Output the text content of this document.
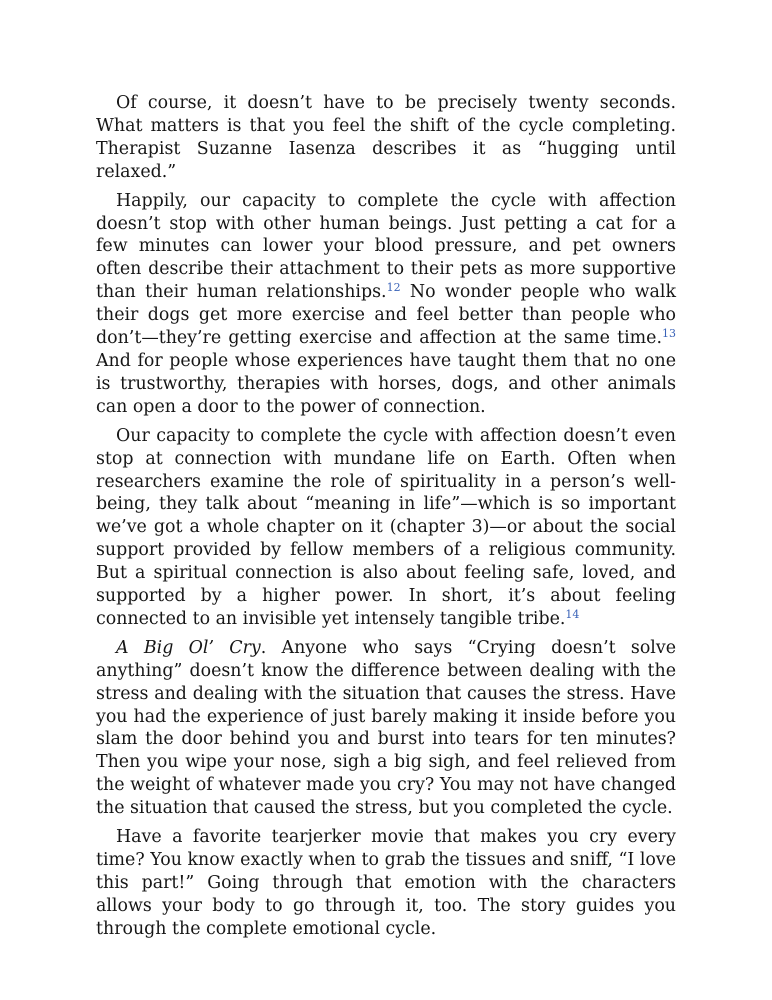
Of course, it doesn’t have to be precisely twenty seconds. What matters is that you feel the shift of the cycle completing. Therapist Suzanne Iasenza describes it as “hugging until relaxed.”

Happily, our capacity to complete the cycle with affection doesn’t stop with other human beings. Just petting a cat for a few minutes can lower your blood pressure, and pet owners often describe their attachment to their pets as more supportive than their human relationships.$^{12}$ No wonder people who walk their dogs get more exercise and feel better than people who don’t—they’re getting exercise and affection at the same time.$^{13}$ And for people whose experiences have taught them that no one is trustworthy, therapies with horses, dogs, and other animals can open a door to the power of connection.

Our capacity to complete the cycle with affection doesn’t even stop at connection with mundane life on Earth. Often when researchers examine the role of spirituality in a person’s well-being, they talk about “meaning in life”—which is so important we’ve got a whole chapter on it (chapter 3)—or about the social support provided by fellow members of a religious community. But a spiritual connection is also about feeling safe, loved, and supported by a higher power. In short, it’s about feeling connected to an invisible yet intensely tangible tribe.$^{14}$

A Big Ol’ Cry. Anyone who says “Crying doesn’t solve anything” doesn’t know the difference between dealing with the stress and dealing with the situation that causes the stress. Have you had the experience of just barely making it inside before you slam the door behind you and burst into tears for ten minutes? Then you wipe your nose, sigh a big sigh, and feel relieved from the weight of whatever made you cry? You may not have changed the situation that caused the stress, but you completed the cycle.

Have a favorite tearjerker movie that makes you cry every time? You know exactly when to grab the tissues and sniff, “I love this part!” Going through that emotion with the characters allows your body to go through it, too. The story guides you through the complete emotional cycle.
